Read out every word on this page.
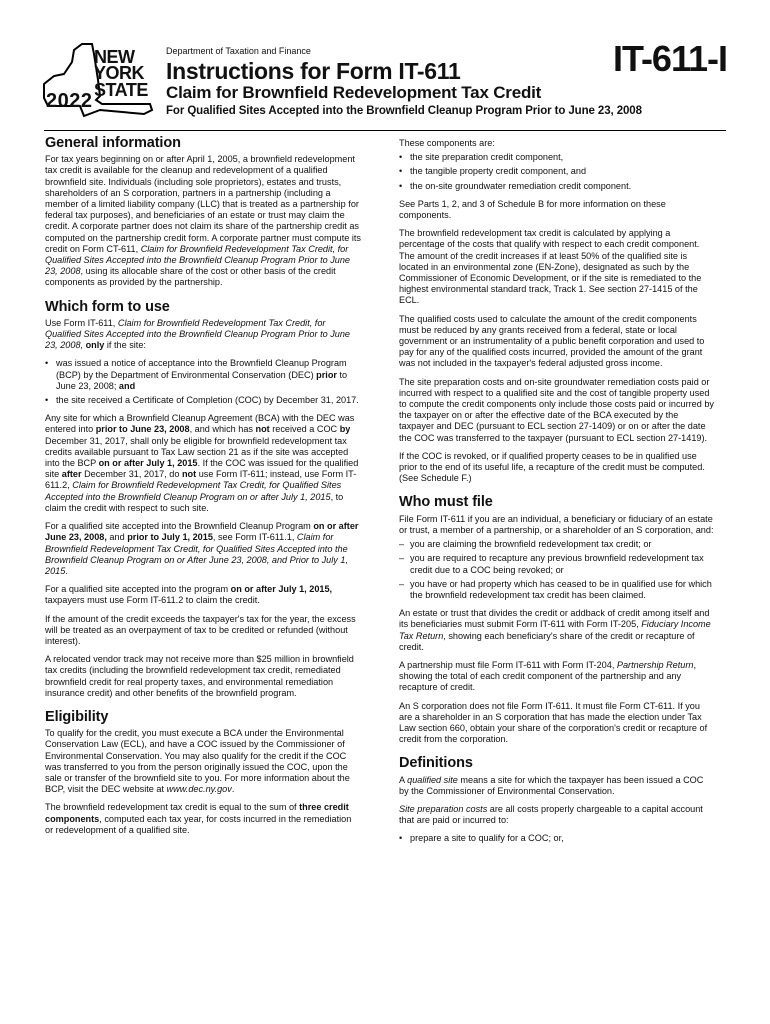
NEW
YORK
STATE
2022
Department of Taxation and Finance
Instructions for Form IT-611
Claim for Brownfield Redevelopment Tax Credit
For Qualified Sites Accepted into the Brownfield Cleanup Program Prior to June 23, 2008
IT-611-I
General information

For tax years beginning on or after April 1, 2005, a brownfield redevelopment tax credit is available for the cleanup and redevelopment of a qualified brownfield site. Individuals (including sole proprietors), estates and trusts, shareholders of an S corporation, partners in a partnership (including a member of a limited liability company (LLC) that is treated as a partnership for federal tax purposes), and beneficiaries of an estate or trust may claim the credit. A corporate partner does not claim its share of the partnership credit as computed on the partnership credit form. A corporate partner must compute its credit on Form CT-611, Claim for Brownfield Redevelopment Tax Credit, for Qualified Sites Accepted into the Brownfield Cleanup Program Prior to June 23, 2008, using its allocable share of the cost or other basis of the credit components as provided by the partnership.

Which form to use

Use Form IT-611, Claim for Brownfield Redevelopment Tax Credit, for Qualified Sites Accepted into the Brownfield Cleanup Program Prior to June 23, 2008, only if the site:

• was issued a notice of acceptance into the Brownfield Cleanup Program (BCP) by the Department of Environmental Conservation (DEC) prior to June 23, 2008; and
• the site received a Certificate of Completion (COC) by December 31, 2017.

Any site for which a Brownfield Cleanup Agreement (BCA) with the DEC was entered into prior to June 23, 2008, and which has not received a COC by December 31, 2017, shall only be eligible for brownfield redevelopment tax credits available pursuant to Tax Law section 21 as if the site was accepted into the BCP on or after July 1, 2015. If the COC was issued for the qualified site after December 31, 2017, do not use Form IT-611; instead, use Form IT-611.2, Claim for Brownfield Redevelopment Tax Credit, for Qualified Sites Accepted into the Brownfield Cleanup Program on or after July 1, 2015, to claim the credit with respect to such site.

For a qualified site accepted into the Brownfield Cleanup Program on or after June 23, 2008, and prior to July 1, 2015, see Form IT-611.1, Claim for Brownfield Redevelopment Tax Credit, for Qualified Sites Accepted into the Brownfield Cleanup Program on or After June 23, 2008, and Prior to July 1, 2015.

For a qualified site accepted into the program on or after July 1, 2015, taxpayers must use Form IT-611.2 to claim the credit.

If the amount of the credit exceeds the taxpayer's tax for the year, the excess will be treated as an overpayment of tax to be credited or refunded (without interest).

A relocated vendor track may not receive more than $25 million in brownfield tax credits (including the brownfield redevelopment tax credit, remediated brownfield credit for real property taxes, and environmental remediation insurance credit) and other benefits of the brownfield program.

Eligibility

To qualify for the credit, you must execute a BCA under the Environmental Conservation Law (ECL), and have a COC issued by the Commissioner of Environmental Conservation. You may also qualify for the credit if the COC was transferred to you from the person originally issued the COC, upon the sale or transfer of the brownfield site to you. For more information about the BCP, visit the DEC website at www.dec.ny.gov.

The brownfield redevelopment tax credit is equal to the sum of three credit components, computed each tax year, for costs incurred in the remediation or redevelopment of a qualified site.

These components are:

• the site preparation credit component,
• the tangible property credit component, and
• the on-site groundwater remediation credit component.

See Parts 1, 2, and 3 of Schedule B for more information on these components.

The brownfield redevelopment tax credit is calculated by applying a percentage of the costs that qualify with respect to each credit component. The amount of the credit increases if at least 50% of the qualified site is located in an environmental zone (EN-Zone), designated as such by the Commissioner of Economic Development, or if the site is remediated to the highest environmental standard track, Track 1. See section 27-1415 of the ECL.

The qualified costs used to calculate the amount of the credit components must be reduced by any grants received from a federal, state or local government or an instrumentality of a public benefit corporation and used to pay for any of the qualified costs incurred, provided the amount of the grant was not included in the taxpayer's federal adjusted gross income.

The site preparation costs and on-site groundwater remediation costs paid or incurred with respect to a qualified site and the cost of tangible property used to compute the credit components only include those costs paid or incurred by the taxpayer on or after the effective date of the BCA executed by the taxpayer and DEC (pursuant to ECL section 27-1409) or on or after the date the COC was transferred to the taxpayer (pursuant to ECL section 27-1419).

If the COC is revoked, or if qualified property ceases to be in qualified use prior to the end of its useful life, a recapture of the credit must be computed. (See Schedule F.)

Who must file

File Form IT-611 if you are an individual, a beneficiary or fiduciary of an estate or trust, a member of a partnership, or a shareholder of an S corporation, and:

– you are claiming the brownfield redevelopment tax credit; or
– you are required to recapture any previous brownfield redevelopment tax credit due to a COC being revoked; or
– you have or had property which has ceased to be in qualified use for which the brownfield redevelopment tax credit has been claimed.

An estate or trust that divides the credit or addback of credit among itself and its beneficiaries must submit Form IT-611 with Form IT-205, Fiduciary Income Tax Return, showing each beneficiary's share of the credit or recapture of credit.

A partnership must file Form IT-611 with Form IT-204, Partnership Return, showing the total of each credit component of the partnership and any recapture of credit.

An S corporation does not file Form IT-611. It must file Form CT-611. If you are a shareholder in an S corporation that has made the election under Tax Law section 660, obtain your share of the corporation's credit or recapture of credit from the corporation.

Definitions

A qualified site means a site for which the taxpayer has been issued a COC by the Commissioner of Environmental Conservation.

Site preparation costs are all costs properly chargeable to a capital account that are paid or incurred to:

• prepare a site to qualify for a COC; or,
